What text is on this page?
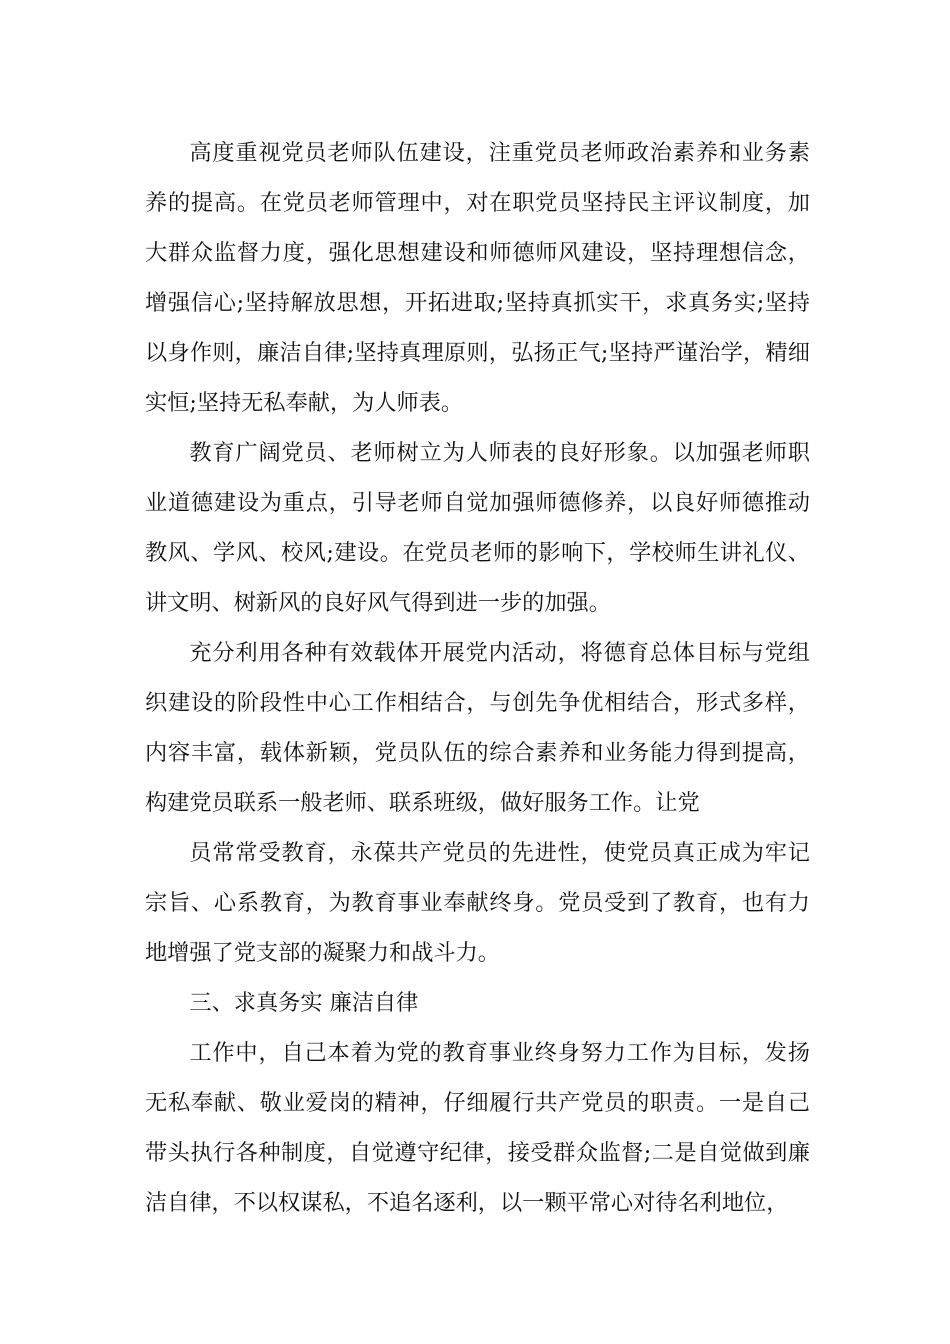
高度重视党员老师队伍建设，注重党员老师政治素养和业务素养的提高。在党员老师管理中，对在职党员坚持民主评议制度，加大群众监督力度，强化思想建设和师德师风建设，坚持理想信念，增强信心;坚持解放思想，开拓进取;坚持真抓实干，求真务实;坚持以身作则，廉洁自律;坚持真理原则，弘扬正气;坚持严谨治学，精细实恒;坚持无私奉献，为人师表。

教育广阔党员、老师树立为人师表的良好形象。以加强老师职业道德建设为重点，引导老师自觉加强师德修养，以良好师德推动教风、学风、校风;建设。在党员老师的影响下，学校师生讲礼仪、讲文明、树新风的良好风气得到进一步的加强。

充分利用各种有效载体开展党内活动，将德育总体目标与党组织建设的阶段性中心工作相结合，与创先争优相结合，形式多样，内容丰富，载体新颖，党员队伍的综合素养和业务能力得到提高，构建党员联系一般老师、联系班级，做好服务工作。让党

员常常受教育，永葆共产党员的先进性，使党员真正成为牢记宗旨、心系教育，为教育事业奉献终身。党员受到了教育，也有力地增强了党支部的凝聚力和战斗力。

三、求真务实 廉洁自律

工作中，自己本着为党的教育事业终身努力工作为目标，发扬无私奉献、敬业爱岗的精神，仔细履行共产党员的职责。一是自己带头执行各种制度，自觉遵守纪律，接受群众监督;二是自觉做到廉洁自律，不以权谋私，不追名逐利，以一颗平常心对待名利地位，
